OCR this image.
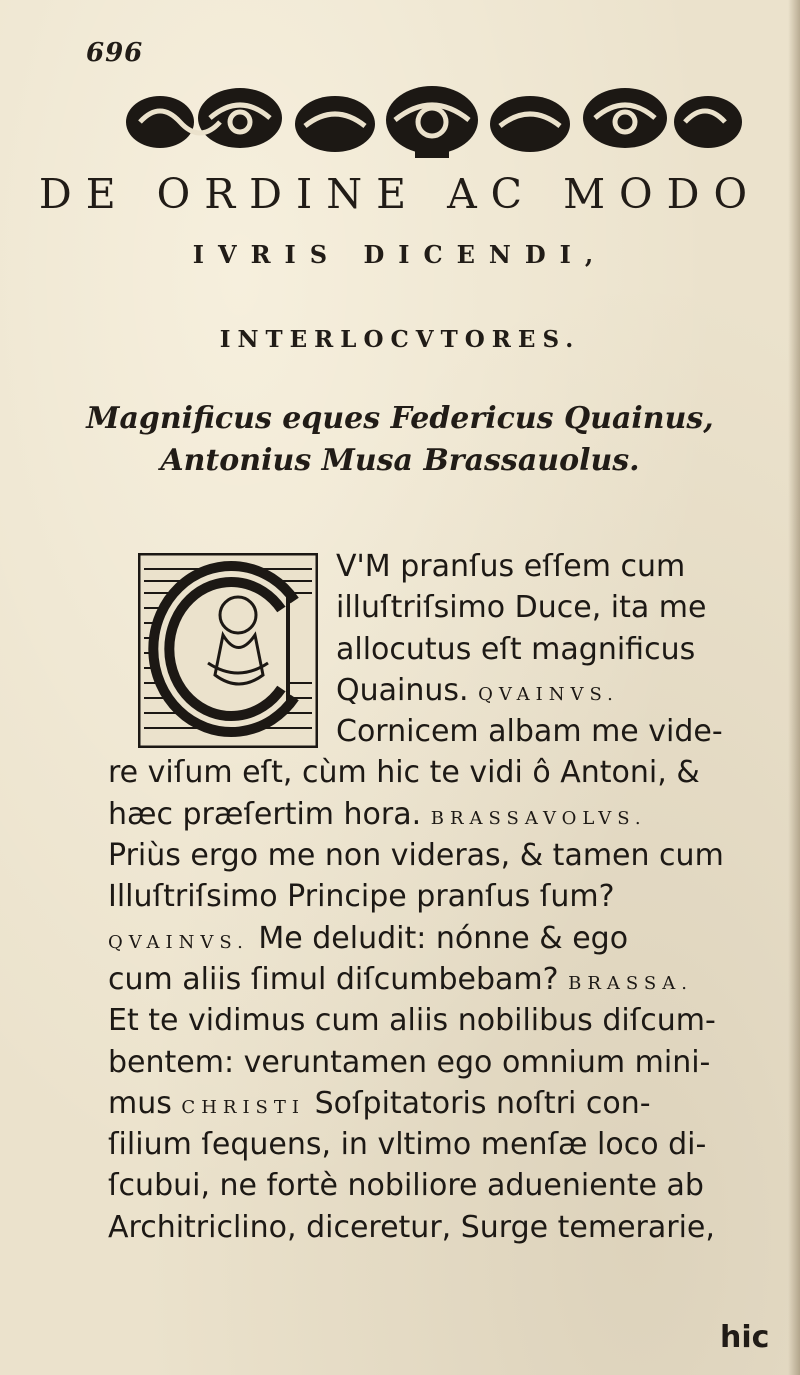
696
DE ORDINE AC MODO
IVRIS DICENDI,
INTERLOCVTORES.
Magnificus eques Federicus Quainus,
Antonius Musa Brassauolus.
V'M pranſus eſſem cum
illuſtriſsimo Duce, ita me
allocutus eſt magnificus
Quainus. QVAINVS.
Cornicem albam me vide-
re viſum eſt, cùm hic te vidi ô Antoni, &
hæc præſertim hora. BRASSAVOLVS.
Priùs ergo me non videras, & tamen cum
Illuſtriſsimo Principe pranſus ſum?
QVAINVS. Me deludit: nónne & ego
cum aliis ſimul diſcumbebam? BRASSA.
Et te vidimus cum aliis nobilibus diſcum-
bentem: veruntamen ego omnium mini-
mus CHRISTI Soſpitatoris noſtri con-
ſilium ſequens, in vltimo menſæ loco di-
ſcubui, ne fortè nobiliore adueniente ab
Architriclino, diceretur, Surge temerarie,
hic
